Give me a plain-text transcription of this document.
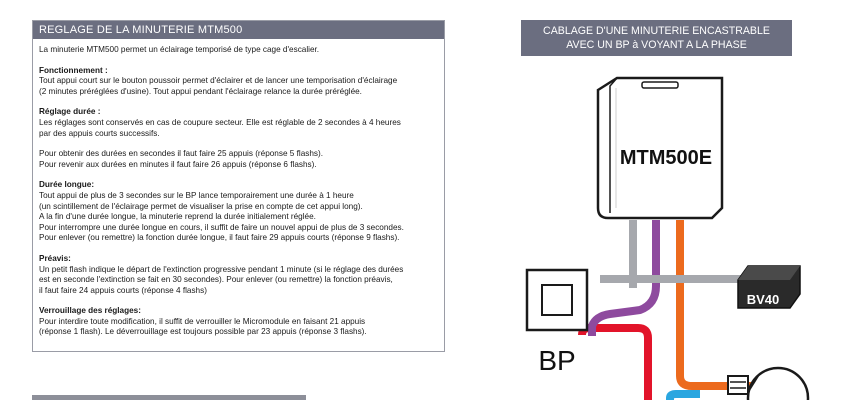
REGLAGE DE LA MINUTERIE MTM500

La minuterie MTM500 permet un éclairage temporisé de type cage d'escalier.

Fonctionnement :
Tout appui court sur le bouton poussoir permet d'éclairer et de lancer une temporisation d'éclairage
(2 minutes préréglées d'usine). Tout appui pendant l'éclairage relance la durée préréglée.

Réglage durée :
Les réglages sont conservés en cas de coupure secteur. Elle est réglable de 2 secondes à 4 heures
par des appuis courts successifs.

Pour obtenir des durées en secondes il faut faire 25 appuis (réponse 5 flashs).
Pour revenir aux durées en minutes il faut faire 26 appuis (réponse 6 flashs).

Durée longue:
Tout appui de plus de 3 secondes sur le BP lance temporairement une durée à 1 heure
(un scintillement de l'éclairage permet de visualiser la prise en compte de cet appui long).
A la fin d'une durée longue, la minuterie reprend la durée initialement réglée.
Pour interrompre une durée longue en cours, il suffit de faire un nouvel appui de plus de 3 secondes.
Pour enlever (ou remettre) la fonction durée longue, il faut faire 29 appuis courts (réponse 9 flashs).

Préavis:
Un petit flash indique le départ de l'extinction progressive pendant 1 minute (si le réglage des durées
est en seconde l'extinction se fait en 30 secondes). Pour enlever (ou remettre) la fonction préavis,
il faut faire 24 appuis courts (réponse 4 flashs)

Verrouillage des réglages:
Pour interdire toute modification, il suffit de verrouiller le Micromodule en faisant 21 appuis
(réponse 1 flash). Le déverrouillage est toujours possible par 23 appuis (réponse 3 flashs).

CABLAGE D'UNE MINUTERIE ENCASTRABLE
AVEC UN BP à VOYANT A LA PHASE
MTM500E
BV40
BP
